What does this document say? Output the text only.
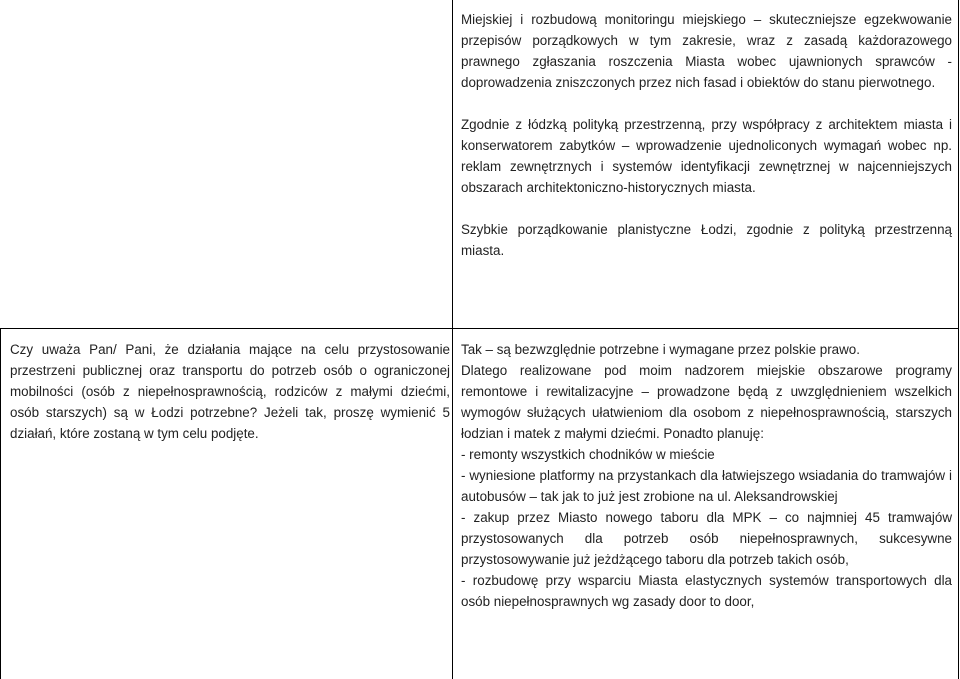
Miejskiej i rozbudową monitoringu miejskiego – skuteczniejsze egzekwowanie przepisów porządkowych w tym zakresie, wraz z zasadą każdorazowego prawnego zgłaszania roszczenia Miasta wobec ujawnionych sprawców - doprowadzenia zniszczonych przez nich fasad i obiektów do stanu pierwotnego.

Zgodnie z łódzką polityką przestrzenną, przy współpracy z architektem miasta i konserwatorem zabytków – wprowadzenie ujednoliconych wymagań wobec np. reklam zewnętrznych i systemów identyfikacji zewnętrznej w najcenniejszych obszarach architektoniczno-historycznych miasta.

Szybkie porządkowanie planistyczne Łodzi, zgodnie z polityką przestrzenną miasta.

Czy uważa Pan/ Pani, że działania mające na celu przystosowanie przestrzeni publicznej oraz transportu do potrzeb osób o ograniczonej mobilności (osób z niepełnosprawnością, rodziców z małymi dziećmi, osób starszych) są w Łodzi potrzebne? Jeżeli tak, proszę wymienić 5 działań, które zostaną w tym celu podjęte.

Tak – są bezwzględnie potrzebne i wymagane przez polskie prawo.

Dlatego realizowane pod moim nadzorem miejskie obszarowe programy remontowe i rewitalizacyjne – prowadzone będą z uwzględnieniem wszelkich wymogów służących ułatwieniom dla osobom z niepełnosprawnością, starszych łodzian i matek z małymi dziećmi. Ponadto planuję:

- remonty wszystkich chodników w mieście

- wyniesione platformy na przystankach dla łatwiejszego wsiadania do tramwajów i autobusów – tak jak to już jest zrobione na ul. Aleksandrowskiej

- zakup przez Miasto nowego taboru dla MPK – co najmniej 45 tramwajów przystosowanych dla potrzeb osób niepełnosprawnych, sukcesywne przystosowywanie już jeżdżącego taboru dla potrzeb takich osób,

- rozbudowę przy wsparciu Miasta elastycznych systemów transportowych dla osób niepełnosprawnych wg zasady door to door,
